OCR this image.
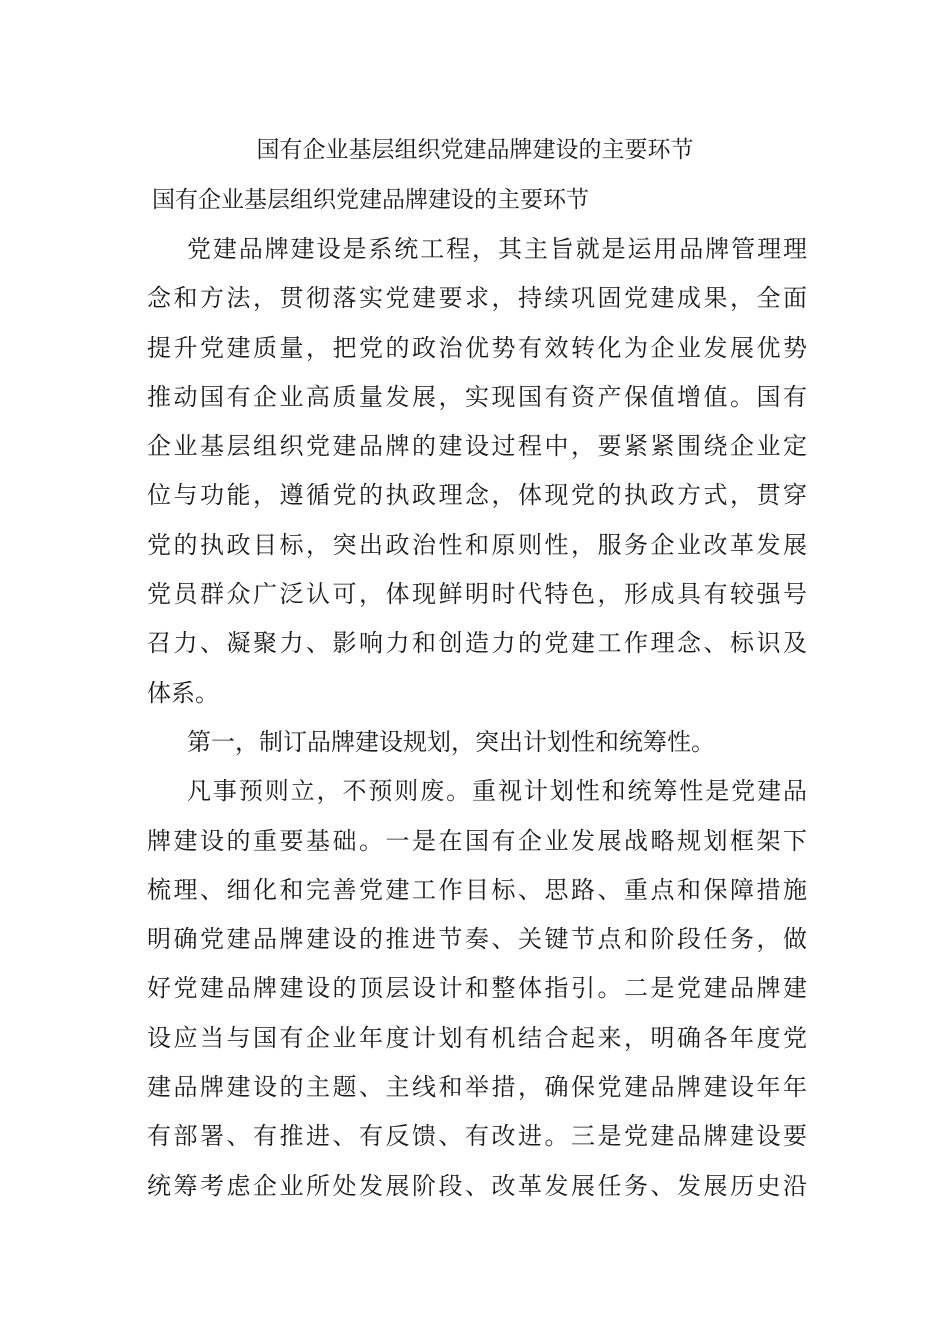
国有企业基层组织党建品牌建设的主要环节
国有企业基层组织党建品牌建设的主要环节
党建品牌建设是系统工程，其主旨就是运用品牌管理理
念和方法，贯彻落实党建要求，持续巩固党建成果，全面
提升党建质量，把党的政治优势有效转化为企业发展优势
推动国有企业高质量发展，实现国有资产保值增值。国有
企业基层组织党建品牌的建设过程中，要紧紧围绕企业定
位与功能，遵循党的执政理念，体现党的执政方式，贯穿
党的执政目标，突出政治性和原则性，服务企业改革发展
党员群众广泛认可，体现鲜明时代特色，形成具有较强号
召力、凝聚力、影响力和创造力的党建工作理念、标识及
体系。
第一，制订品牌建设规划，突出计划性和统筹性。
凡事预则立，不预则废。重视计划性和统筹性是党建品
牌建设的重要基础。一是在国有企业发展战略规划框架下
梳理、细化和完善党建工作目标、思路、重点和保障措施
明确党建品牌建设的推进节奏、关键节点和阶段任务，做
好党建品牌建设的顶层设计和整体指引。二是党建品牌建
设应当与国有企业年度计划有机结合起来，明确各年度党
建品牌建设的主题、主线和举措，确保党建品牌建设年年
有部署、有推进、有反馈、有改进。三是党建品牌建设要
统筹考虑企业所处发展阶段、改革发展任务、发展历史沿
